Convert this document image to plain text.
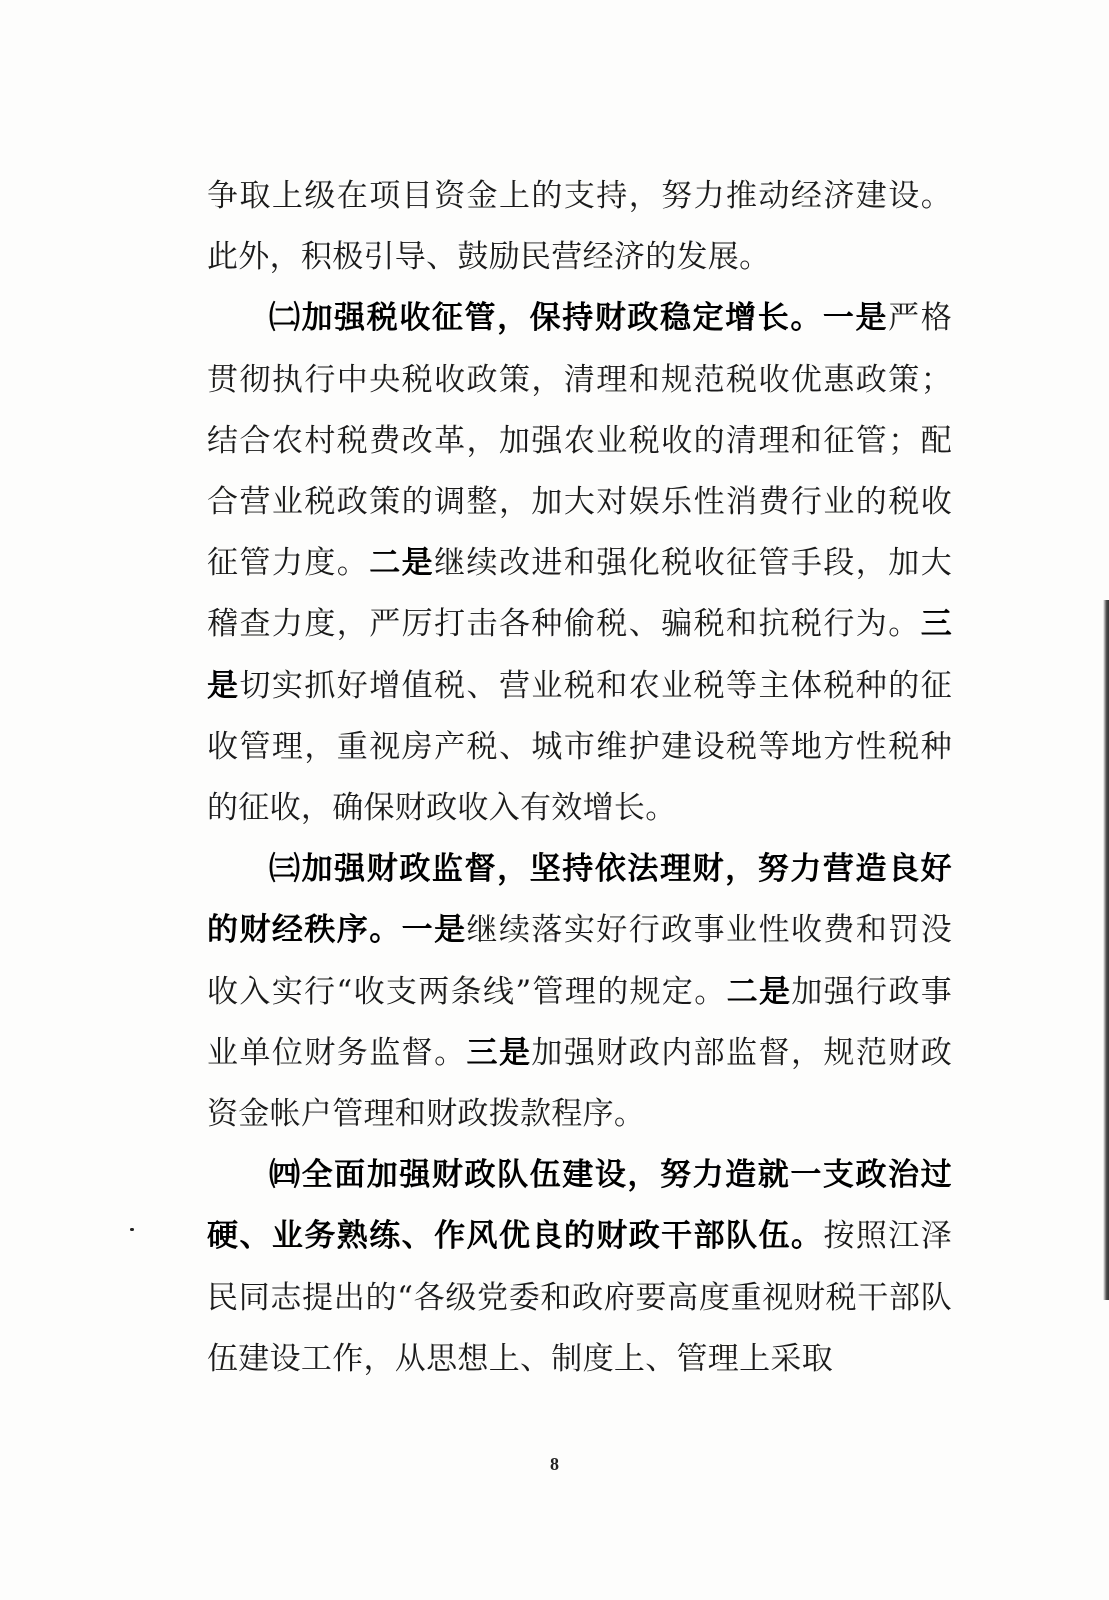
争取上级在项目资金上的支持，努力推动经济建设。此外，积极引导、鼓励民营经济的发展。

㈡加强税收征管，保持财政稳定增长。一是严格贯彻执行中央税收政策，清理和规范税收优惠政策；结合农村税费改革，加强农业税收的清理和征管；配合营业税政策的调整，加大对娱乐性消费行业的税收征管力度。二是继续改进和强化税收征管手段，加大稽查力度，严厉打击各种偷税、骗税和抗税行为。三是切实抓好增值税、营业税和农业税等主体税种的征收管理，重视房产税、城市维护建设税等地方性税种的征收，确保财政收入有效增长。

㈢加强财政监督，坚持依法理财，努力营造良好的财经秩序。一是继续落实好行政事业性收费和罚没收入实行“收支两条线”管理的规定。二是加强行政事业单位财务监督。三是加强财政内部监督，规范财政资金帐户管理和财政拨款程序。

㈣全面加强财政队伍建设，努力造就一支政治过硬、业务熟练、作风优良的财政干部队伍。按照江泽民同志提出的“各级党委和政府要高度重视财税干部队伍建设工作，从思想上、制度上、管理上采取

8
